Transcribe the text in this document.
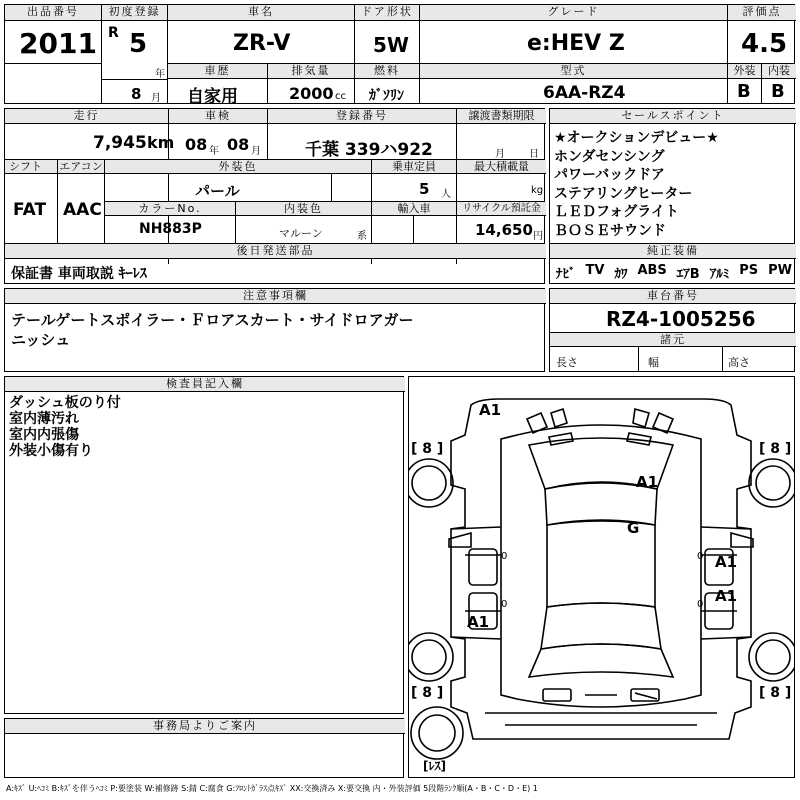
出品番号
2011
初度登録
R 5
年
8 月
車名
ZR-V
ドア形状
5W
グレード
e:HEV Z
評価点
4.5
外装	内装
B B
車歴	排気量	燃料	型式
自家用	2000 cc ｶﾞｿﾘﾝ	6AA-RZ4
走行	車検	登録番号	譲渡書類期限
7,945 km 08 年 08 月	千葉 339ハ922	月 日
シフト	エアコン
FAT AAC
外装色	乗車定員	最大積載量
パール	5 人	kg
カラーNo.	内装色	輸入車	リサイクル預託金
NH883P	マルーン	系	14,650 円
後日発送部品
保証書 車両取説 ｷｰﾚｽ
セールスポイント
★オークションデビュー★
ホンダセンシング
パワーバックドア
ステアリングヒーター
ＬＥＤフォグライト
ＢＯＳＥサウンド
純正装備
ﾅﾋﾞ TV ｶﾜ ABS ｴｱB ｱﾙﾐ PS PW
注意事項欄
テールゲートスポイラー・Ｆロアスカート・サイドロアガー
ニッシュ
車台番号
RZ4-1005256
諸元
長さ	幅	高さ
検査員記入欄
ダッシュ板のり付
室内薄汚れ
室内内張傷
外装小傷有り
事務局よりご案内
A1
A1
G
A1
A1
A1
[ 8 ]	[ 8 ]
[ 8 ]	[ 8 ]
[ﾚｽ]
0	0
0	0
A:ｷｽﾞ U:ﾍｺﾐ B:ｷｽﾞを伴うﾍｺﾐ P:要塗装 W:補修跡 S:錆 C:腐食 G:ﾌﾛﾝﾄｶﾞﾗｽ点ｷｽﾞ XX:交換済み X:要交換 内・外装評価 5段階ﾗﾝｸ順(A・B・C・D・E) 1
